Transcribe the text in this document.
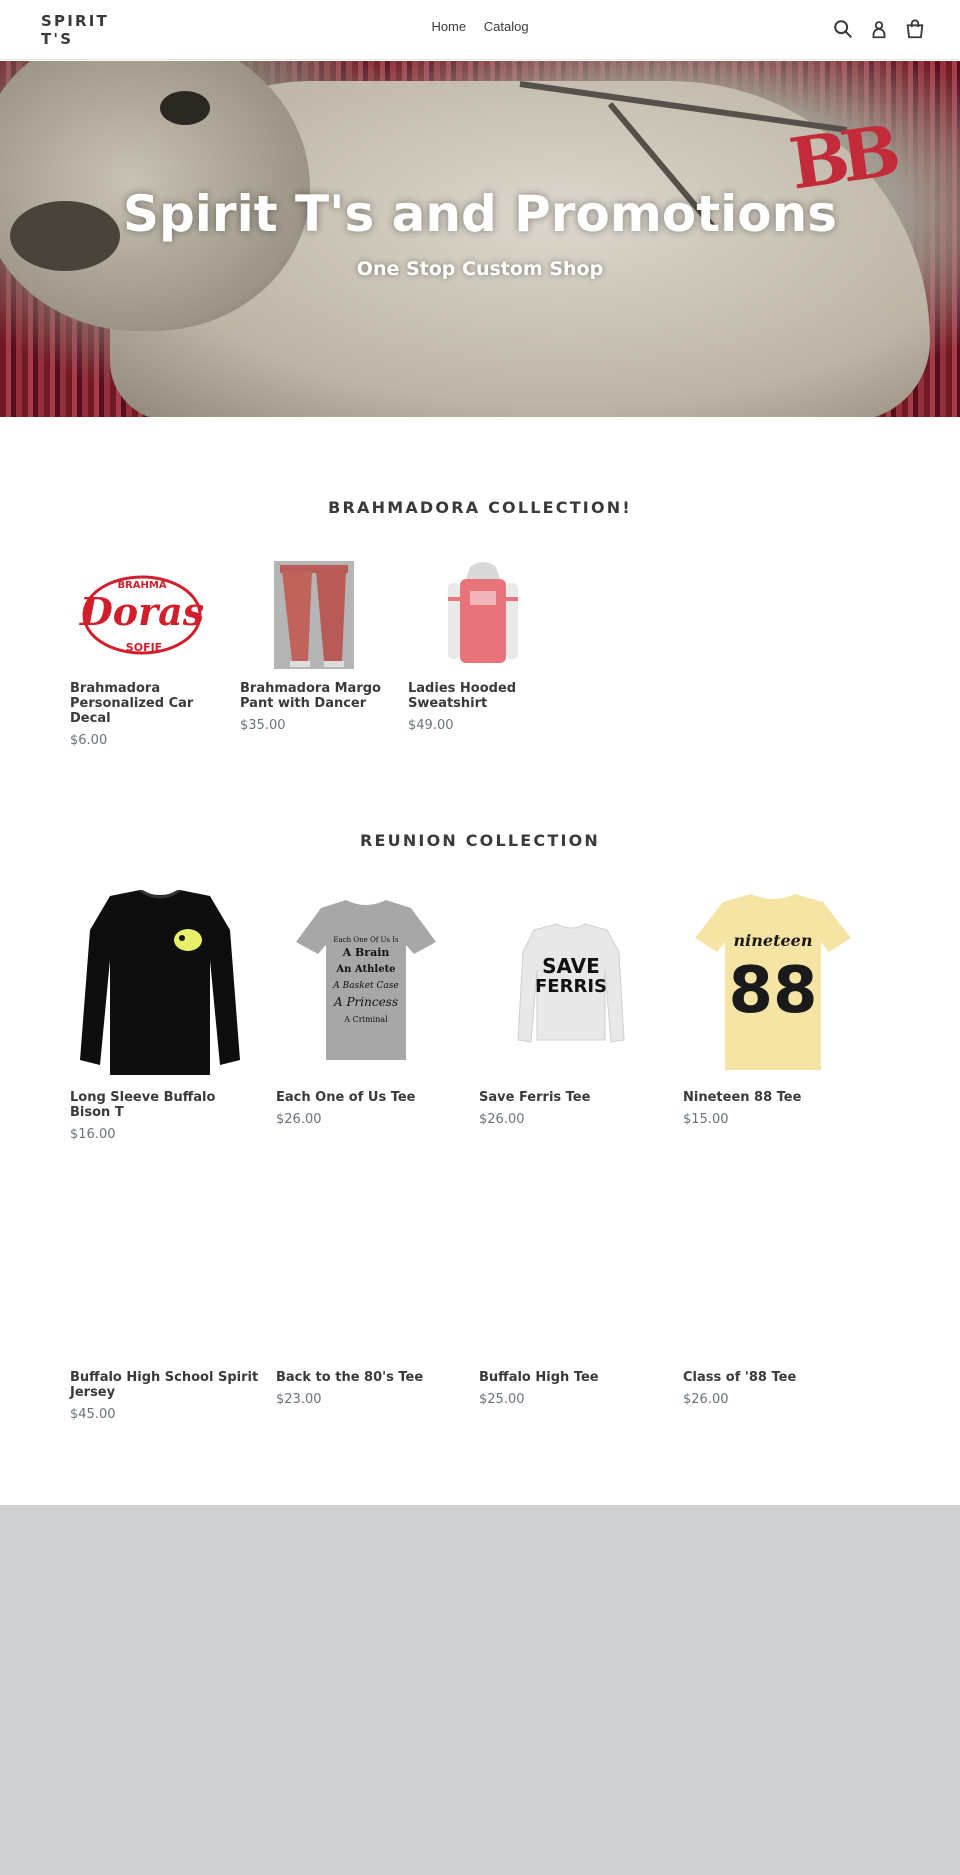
SPIRIT T'S
Home Catalog
BB
Spirit T's and Promotions
One Stop Custom Shop
BRAHMADORA COLLECTION!
BRAHMA
Doras
SOFIE
Brahmadora Personalized Car Decal
$6.00
Brahmadora Margo Pant with Dancer
$35.00
Ladies Hooded Sweatshirt
$49.00
REUNION COLLECTION
Long Sleeve Buffalo Bison T
$16.00
Each One Of Us Is
A Brain
An Athlete
A Basket Case
A Princess
A Criminal
Each One of Us Tee
$26.00
SAVE
FERRIS
Save Ferris Tee
$26.00
nineteen
88
Nineteen 88 Tee
$15.00
Buffalo High School Spirit Jersey
$45.00
Back to the 80's Tee
$23.00
Buffalo High Tee
$25.00
Class of '88 Tee
$26.00
